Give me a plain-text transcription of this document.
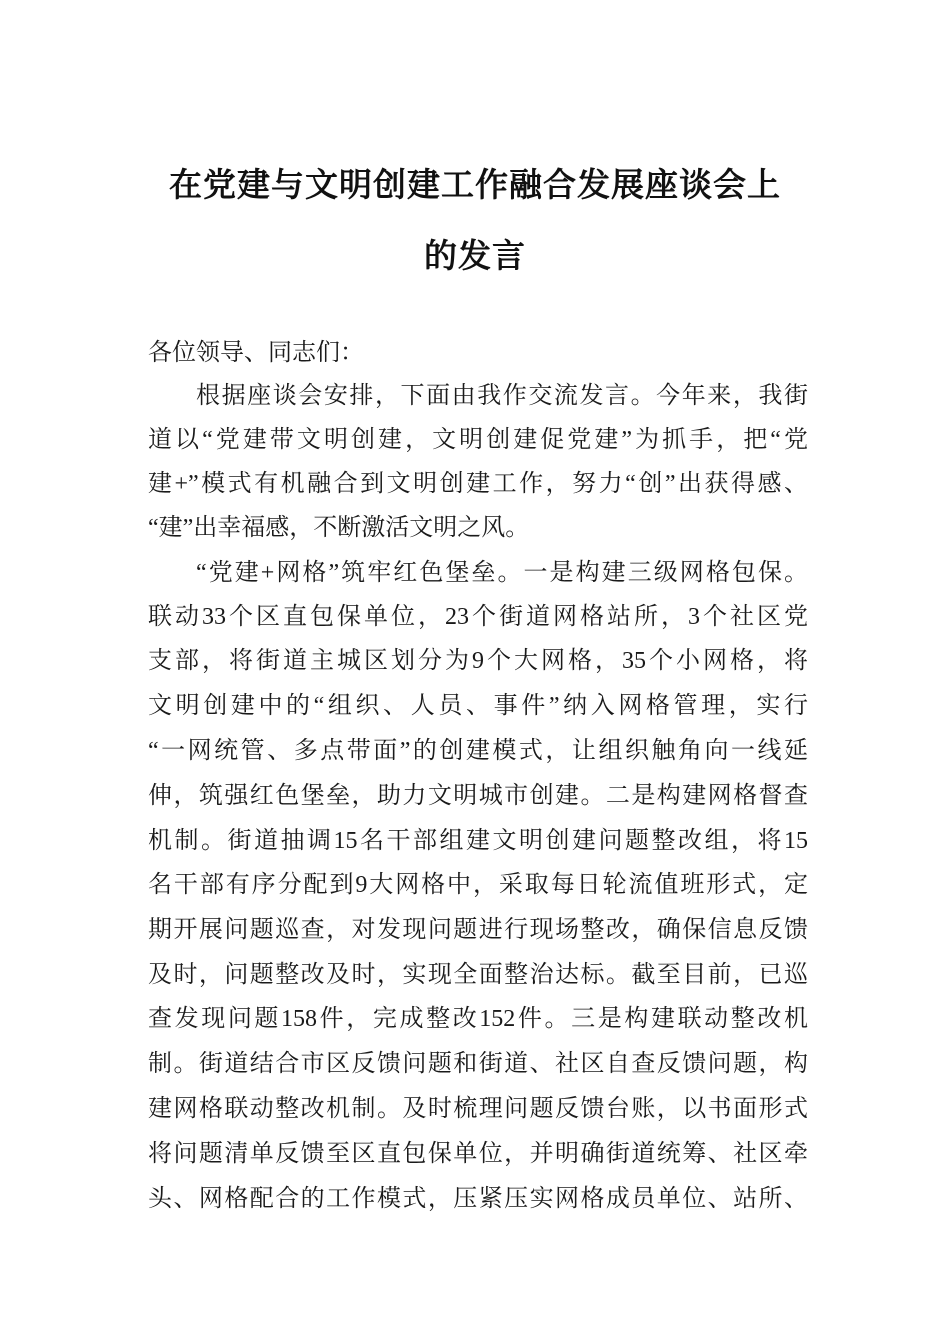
在党建与文明创建工作融合发展座谈会上
的发言

各位领导、同志们：

根据座谈会安排，下面由我作交流发言。今年来，我街

道以“党建带文明创建，文明创建促党建”为抓手，把“党

建+”模式有机融合到文明创建工作，努力“创”出获得感、

“建”出幸福感，不断激活文明之风。

“党建+网格”筑牢红色堡垒。一是构建三级网格包保。

联动33个区直包保单位，23个街道网格站所，3个社区党

支部，将街道主城区划分为9个大网格，35个小网格，将

文明创建中的“组织、人员、事件”纳入网格管理，实行

“一网统管、多点带面”的创建模式，让组织触角向一线延

伸，筑强红色堡垒，助力文明城市创建。二是构建网格督查

机制。街道抽调15名干部组建文明创建问题整改组，将15

名干部有序分配到9大网格中，采取每日轮流值班形式，定

期开展问题巡查，对发现问题进行现场整改，确保信息反馈

及时，问题整改及时，实现全面整治达标。截至目前，已巡

查发现问题158件，完成整改152件。三是构建联动整改机

制。街道结合市区反馈问题和街道、社区自查反馈问题，构

建网格联动整改机制。及时梳理问题反馈台账，以书面形式

将问题清单反馈至区直包保单位，并明确街道统筹、社区牵

头、网格配合的工作模式，压紧压实网格成员单位、站所、
